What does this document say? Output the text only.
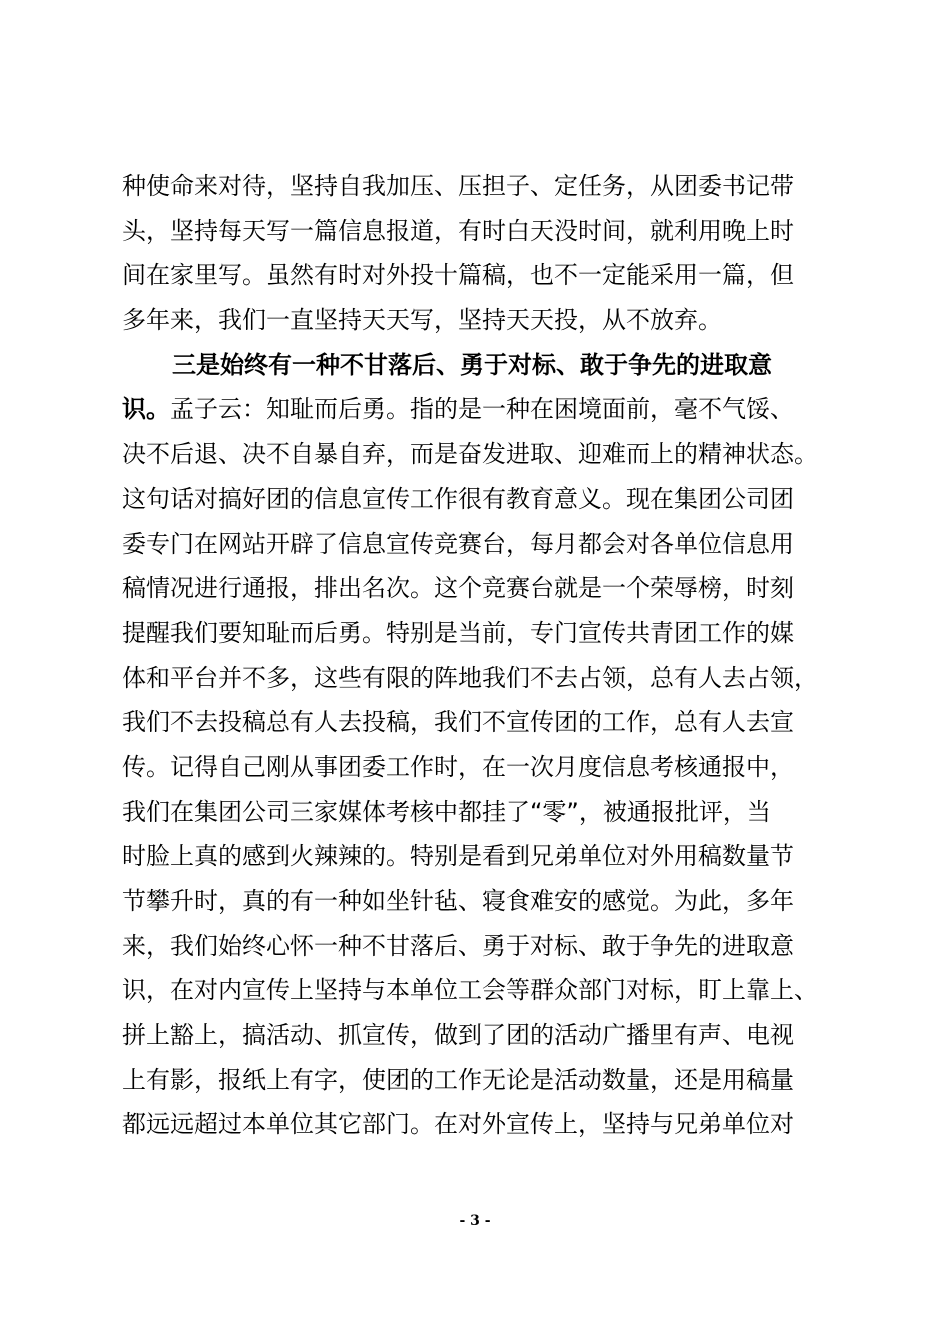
种使命来对待，坚持自我加压、压担子、定任务，从团委书记带
头，坚持每天写一篇信息报道，有时白天没时间，就利用晚上时
间在家里写。虽然有时对外投十篇稿，也不一定能采用一篇，但
多年来，我们一直坚持天天写，坚持天天投，从不放弃。
三是始终有一种不甘落后、勇于对标、敢于争先的进取意
识。孟子云：知耻而后勇。指的是一种在困境面前，毫不气馁、
决不后退、决不自暴自弃，而是奋发进取、迎难而上的精神状态。
这句话对搞好团的信息宣传工作很有教育意义。现在集团公司团
委专门在网站开辟了信息宣传竞赛台，每月都会对各单位信息用
稿情况进行通报，排出名次。这个竞赛台就是一个荣辱榜，时刻
提醒我们要知耻而后勇。特别是当前，专门宣传共青团工作的媒
体和平台并不多，这些有限的阵地我们不去占领，总有人去占领，
我们不去投稿总有人去投稿，我们不宣传团的工作，总有人去宣
传。记得自己刚从事团委工作时，在一次月度信息考核通报中，
我们在集团公司三家媒体考核中都挂了“零”，被通报批评，当
时脸上真的感到火辣辣的。特别是看到兄弟单位对外用稿数量节
节攀升时，真的有一种如坐针毡、寝食难安的感觉。为此，多年
来，我们始终心怀一种不甘落后、勇于对标、敢于争先的进取意
识，在对内宣传上坚持与本单位工会等群众部门对标，盯上靠上、
拼上豁上，搞活动、抓宣传，做到了团的活动广播里有声、电视
上有影，报纸上有字，使团的工作无论是活动数量，还是用稿量
都远远超过本单位其它部门。在对外宣传上，坚持与兄弟单位对
- 3 -
